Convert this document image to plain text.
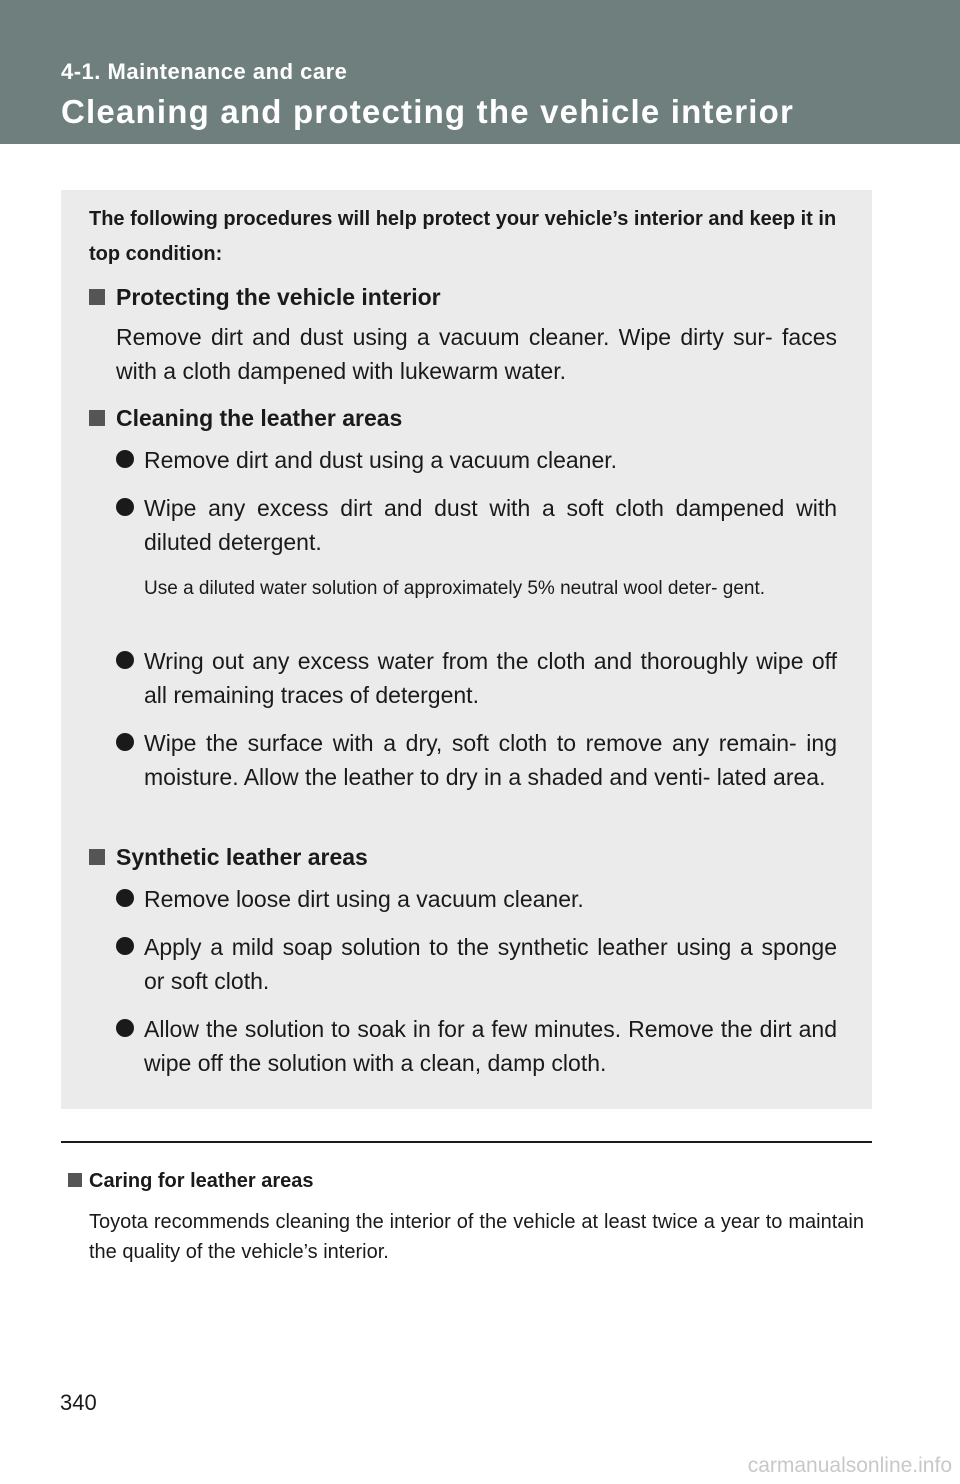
4-1. Maintenance and care
Cleaning and protecting the vehicle interior
The following procedures will help protect your vehicle’s interior and keep it in top condition:
Protecting the vehicle interior
Remove dirt and dust using a vacuum cleaner. Wipe dirty sur- faces with a cloth dampened with lukewarm water.
Cleaning the leather areas
Remove dirt and dust using a vacuum cleaner.
Wipe any excess dirt and dust with a soft cloth dampened with diluted detergent.
Use a diluted water solution of approximately 5% neutral wool deter- gent.
Wring out any excess water from the cloth and thoroughly wipe off all remaining traces of detergent.
Wipe the surface with a dry, soft cloth to remove any remain- ing moisture. Allow the leather to dry in a shaded and venti- lated area.
Synthetic leather areas
Remove loose dirt using a vacuum cleaner.
Apply a mild soap solution to the synthetic leather using a sponge or soft cloth.
Allow the solution to soak in for a few minutes. Remove the dirt and wipe off the solution with a clean, damp cloth.
Caring for leather areas
Toyota recommends cleaning the interior of the vehicle at least twice a year to maintain the quality of the vehicle’s interior.
340
carmanualsonline.info
